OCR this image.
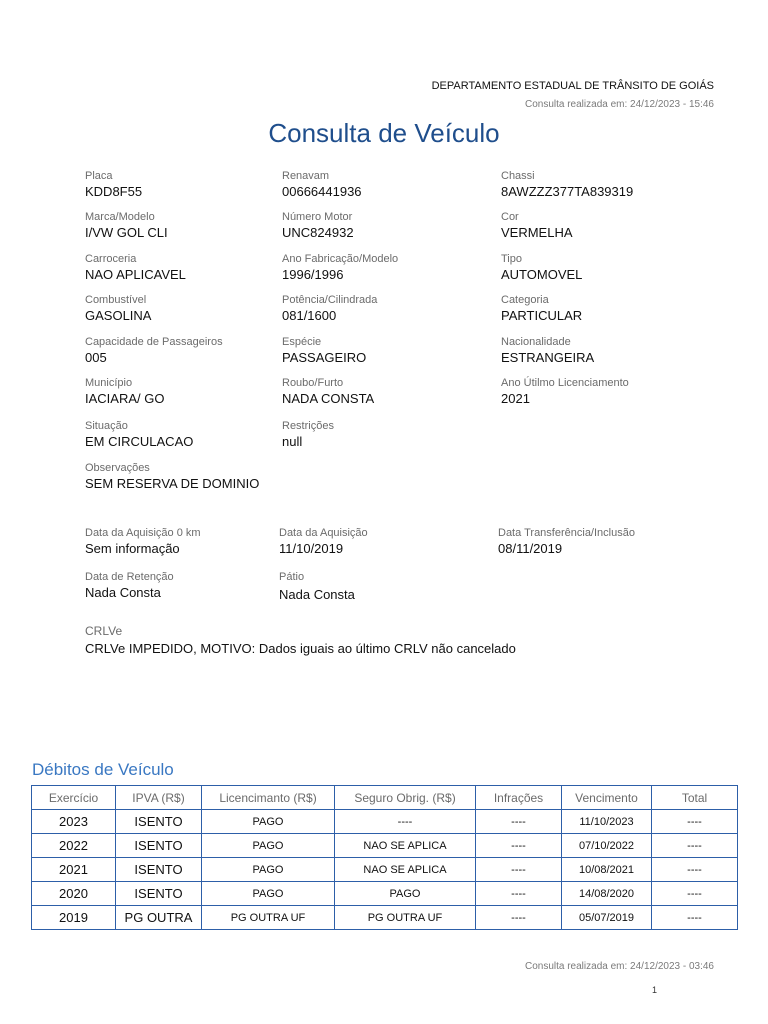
DEPARTAMENTO ESTADUAL DE TRÂNSITO DE GOIÁS
Consulta realizada em: 24/12/2023 - 15:46
Consulta de Veículo
Placa
KDD8F55
Renavam
00666441936
Chassi
8AWZZZ377TA839319
Marca/Modelo
I/VW GOL CLI
Número Motor
UNC824932
Cor
VERMELHA
Carroceria
NAO APLICAVEL
Ano Fabricação/Modelo
1996/1996
Tipo
AUTOMOVEL
Combustível
GASOLINA
Potência/Cilindrada
081/1600
Categoria
PARTICULAR
Capacidade de Passageiros
005
Espécie
PASSAGEIRO
Nacionalidade
ESTRANGEIRA
Município
IACIARA/ GO
Roubo/Furto
NADA CONSTA
Ano Útilmo Licenciamento
2021
Situação
EM CIRCULACAO
Restrições
null
Observações
SEM RESERVA DE DOMINIO
Data da Aquisição 0 km
Sem informação
Data da Aquisição
11/10/2019
Data Transferência/Inclusão
08/11/2019
Data de Retenção
Nada Consta
Pátio
Nada Consta
CRLVe
CRLVe IMPEDIDO, MOTIVO: Dados iguais ao último CRLV não cancelado
Débitos de Veículo
Exercício	IPVA (R$)	Licencimanto (R$)	Seguro Obrig. (R$)	Infrações	Vencimento	Total
2023	ISENTO	PAGO	----	----	11/10/2023	----
2022	ISENTO	PAGO	NAO SE APLICA	----	07/10/2022	----
2021	ISENTO	PAGO	NAO SE APLICA	----	10/08/2021	----
2020	ISENTO	PAGO	PAGO	----	14/08/2020	----
2019	PG OUTRA	PG OUTRA UF	PG OUTRA UF	----	05/07/2019	----
Consulta realizada em: 24/12/2023 - 03:46
1
